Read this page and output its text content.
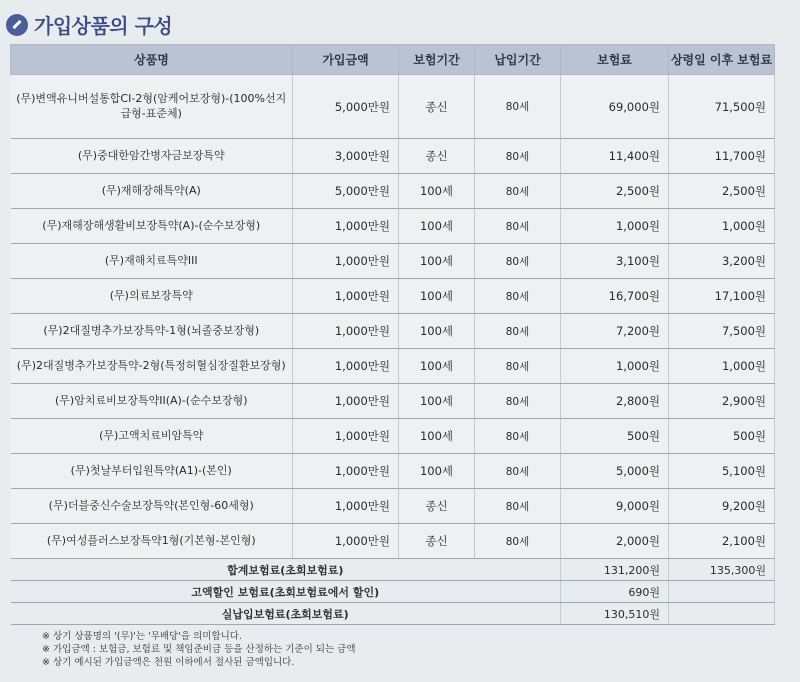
가입상품의 구성
상품명	가입금액	보험기간	납입기간	보험료	상령일 이후 보험료
(무)변액유니버설통합CI-2형(암케어보장형)-(100%선지급형-표준체)	5,000만원	종신	80세	69,000원	71,500원
(무)중대한암간병자금보장특약	3,000만원	종신	80세	11,400원	11,700원
(무)재해장해특약(A)	5,000만원	100세	80세	2,500원	2,500원
(무)재해장해생활비보장특약(A)-(순수보장형)	1,000만원	100세	80세	1,000원	1,000원
(무)재해치료특약III	1,000만원	100세	80세	3,100원	3,200원
(무)의료보장특약	1,000만원	100세	80세	16,700원	17,100원
(무)2대질병추가보장특약-1형(뇌졸중보장형)	1,000만원	100세	80세	7,200원	7,500원
(무)2대질병추가보장특약-2형(특정허혈심장질환보장형)	1,000만원	100세	80세	1,000원	1,000원
(무)암치료비보장특약II(A)-(순수보장형)	1,000만원	100세	80세	2,800원	2,900원
(무)고액치료비암특약	1,000만원	100세	80세	500원	500원
(무)첫날부터입원특약(A1)-(본인)	1,000만원	100세	80세	5,000원	5,100원
(무)더블중신수술보장특약(본인형-60세형)	1,000만원	종신	80세	9,000원	9,200원
(무)여성플러스보장특약1형(기본형-본인형)	1,000만원	종신	80세	2,000원	2,100원
합계보험료(초회보험료)				131,200원	135,300원
고액할인 보험료(초회보험료에서 할인)				690원	
실납입보험료(초회보험료)				130,510원	
※ 상기 상품명의 '(무)'는 '무배당'을 의미합니다.
※ 가입금액 : 보험금, 보험료 및 책임준비금 등을 산정하는 기준이 되는 금액
※ 상기 예시된 가입금액은 천원 이하에서 절사된 금액입니다.
